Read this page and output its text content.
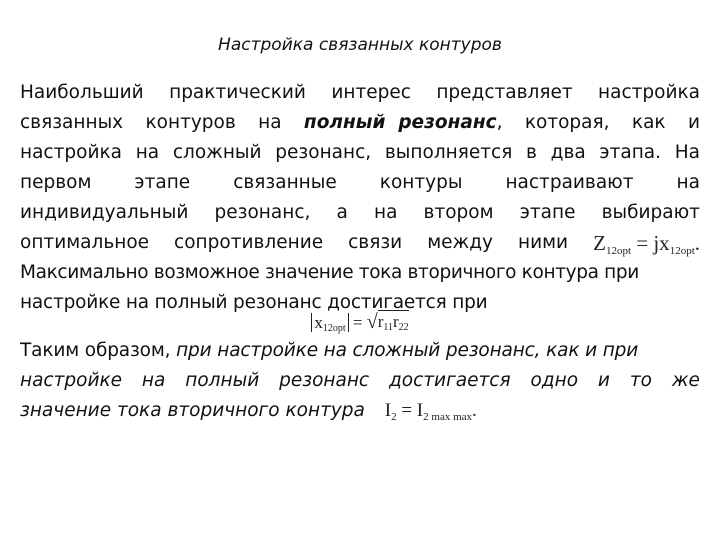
Настройка связанных контуров
Наибольший практический интерес представляет настройка
связанных контуров на полный  резонанс, которая, как и
настройка на сложный резонанс, выполняется в два этапа. На
первом этапе связанные контуры настраивают на
индивидуальный резонанс, а на втором этапе выбирают
оптимальное сопротивление связи между ними $Z_{12opt} = jx_{12opt}$.
Максимально возможное значение тока вторичного контура при
настройке на полный резонанс достигается при
$x_{12opt}$ = √ $r_{11}r_{22}$
Таким образом, при настройке на сложный резонанс, как и при
настройке на полный резонанс достигается одно и то же
значение тока вторичного контура $I_2 = I_{2 max max}$.
